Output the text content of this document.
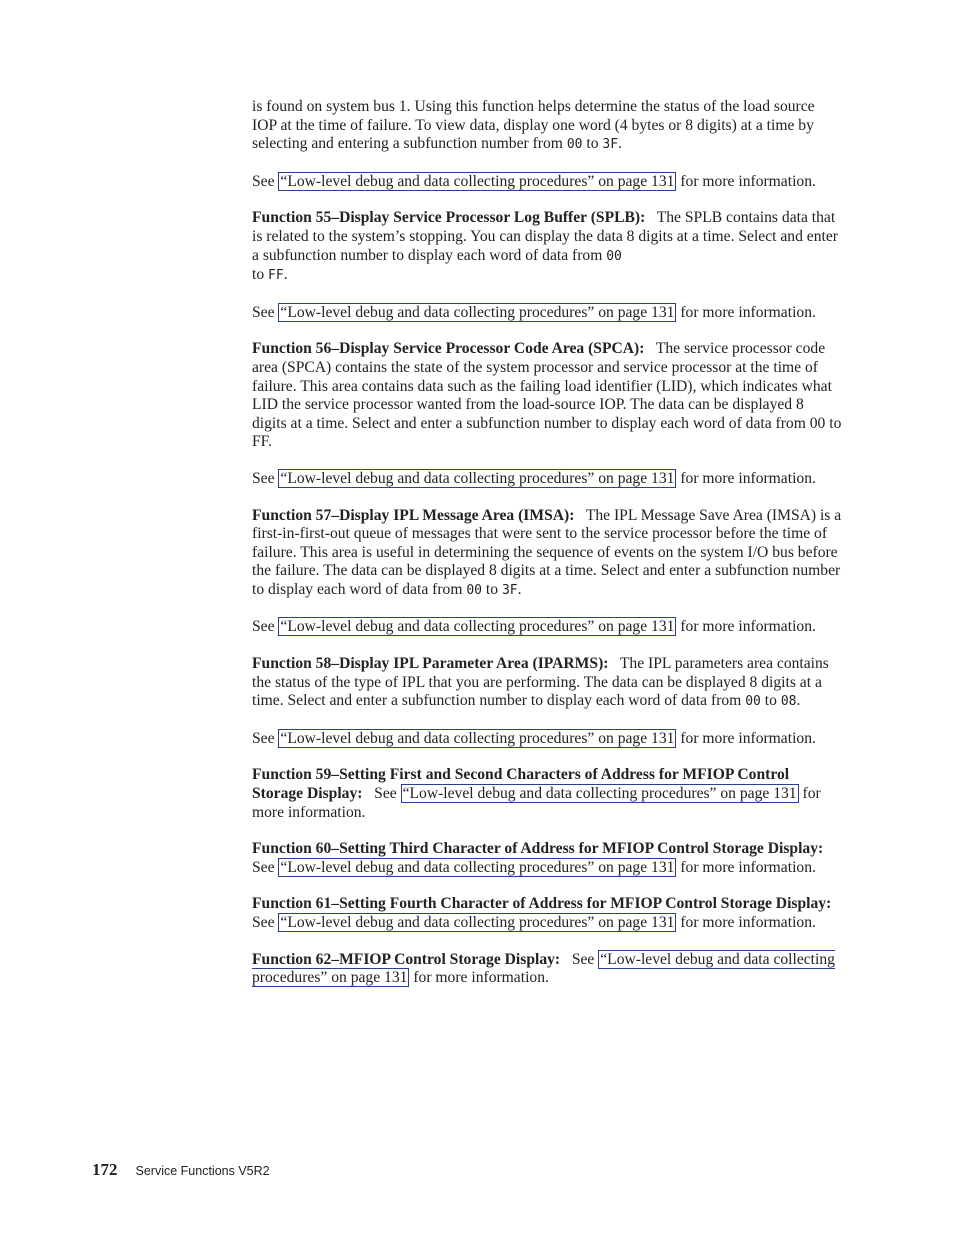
is found on system bus 1. Using this function helps determine the status of the load source IOP at the time of failure. To view data, display one word (4 bytes or 8 digits) at a time by selecting and entering a subfunction number from 00 to 3F.

See “Low-level debug and data collecting procedures” on page 131 for more information.

Function 55–Display Service Processor Log Buffer (SPLB): The SPLB contains data that is related to the system’s stopping. You can display the data 8 digits at a time. Select and enter a subfunction number to display each word of data from 00
to FF.

See “Low-level debug and data collecting procedures” on page 131 for more information.

Function 56–Display Service Processor Code Area (SPCA): The service processor code area (SPCA) contains the state of the system processor and service processor at the time of failure. This area contains data such as the failing load identifier (LID), which indicates what LID the service processor wanted from the load-source IOP. The data can be displayed 8 digits at a time. Select and enter a subfunction number to display each word of data from 00 to FF.

See “Low-level debug and data collecting procedures” on page 131 for more information.

Function 57–Display IPL Message Area (IMSA): The IPL Message Save Area (IMSA) is a first-in-first-out queue of messages that were sent to the service processor before the time of failure. This area is useful in determining the sequence of events on the system I/O bus before the failure. The data can be displayed 8 digits at a time. Select and enter a subfunction number to display each word of data from 00 to 3F.

See “Low-level debug and data collecting procedures” on page 131 for more information.

Function 58–Display IPL Parameter Area (IPARMS): The IPL parameters area contains the status of the type of IPL that you are performing. The data can be displayed 8 digits at a time. Select and enter a subfunction number to display each word of data from 00 to 08.

See “Low-level debug and data collecting procedures” on page 131 for more information.

Function 59–Setting First and Second Characters of Address for MFIOP Control Storage Display: See “Low-level debug and data collecting procedures” on page 131 for more information.

Function 60–Setting Third Character of Address for MFIOP Control Storage Display:   See “Low-level debug and data collecting procedures” on page 131 for more information.

Function 61–Setting Fourth Character of Address for MFIOP Control Storage Display:   See “Low-level debug and data collecting procedures” on page 131 for more information.

Function 62–MFIOP Control Storage Display: See “Low-level debug and data collecting procedures” on page 131 for more information.

172 Service Functions V5R2
